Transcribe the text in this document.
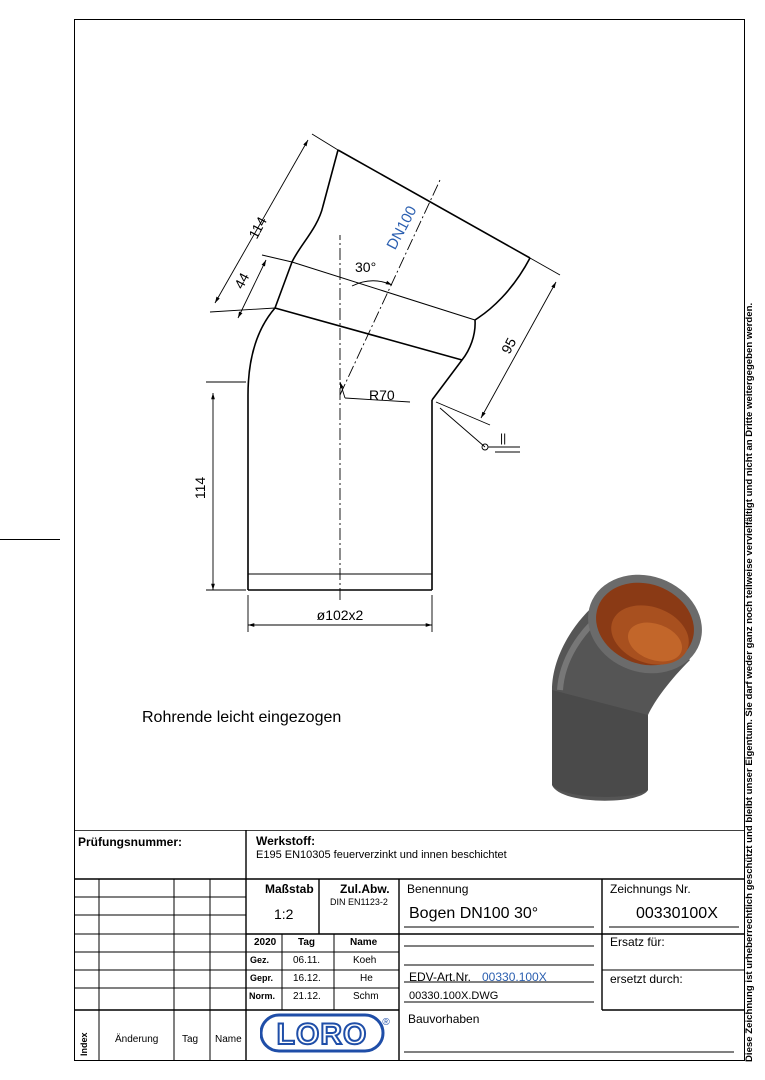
114
44
95
30°
DN100
R70
||
114
ø102x2
Rohrende leicht eingezogen
Prüfungsnummer:	Werkstoff:
E195 EN10305 feuerverzinkt und innen beschichtet
Maßstab
1:2
Zul.Abw.
DIN EN1123-2
Benennung
Bogen DN100 30°
Zeichnungs Nr.
00330100X
2020 Tag	Name
Gez. 06.11.	Koeh
Gepr. 16.12.	He
Norm. 21.12.	Schm
EDV-Art.Nr. 00330.100X
00330.100X.DWG
Ersatz für:
ersetzt durch:
Bauvorhaben
Index	Änderung Tag Name LORO ®	Diese Zeichnung ist urheberrechtlich geschützt und bleibt unser Eigentum. Sie darf weder ganz noch teilweise vervielfältigt und nicht an Dritte weitergegeben werden.
